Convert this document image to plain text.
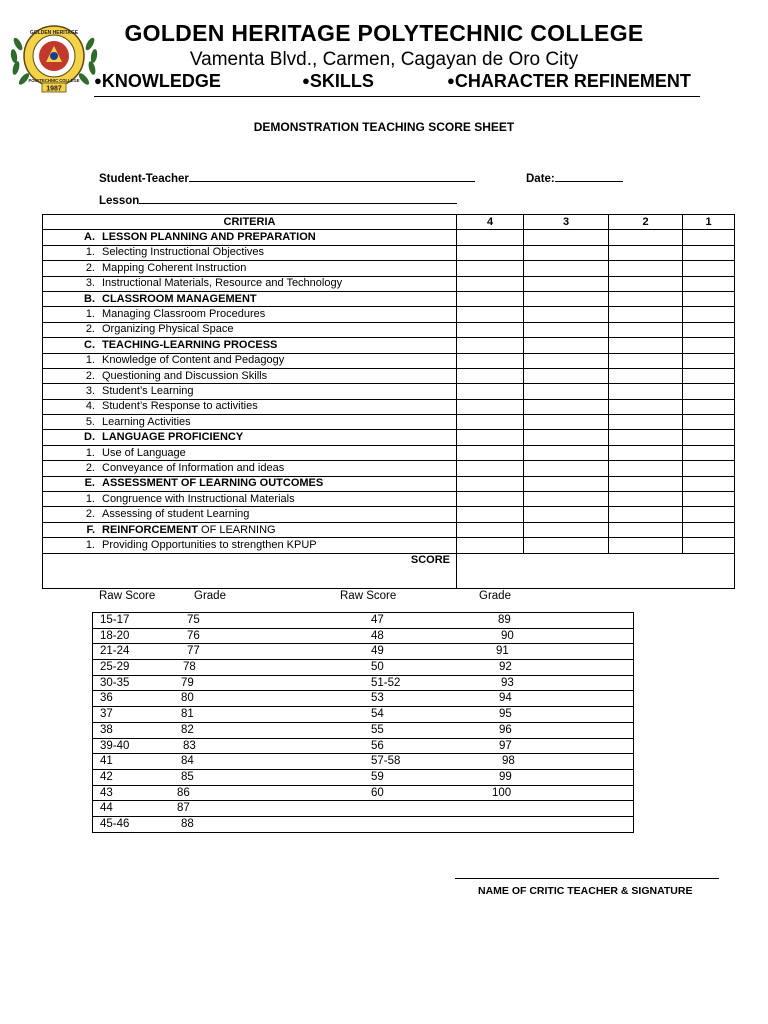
GOLDEN HERITAGE
POLYTECHNIC COLLEGE
1987
GOLDEN HERITAGE POLYTECHNIC COLLEGE
Vamenta Blvd., Carmen, Cagayan de Oro City
●KNOWLEDGE	●SKILLS	●CHARACTER REFINEMENT
DEMONSTRATION TEACHING SCORE SHEET
Student-Teacher	Date:
Lesson
CRITERIA	4	3	2	1
A. LESSON PLANNING AND PREPARATION				
1. Selecting Instructional Objectives				
2. Mapping Coherent Instruction				
3. Instructional Materials, Resource and Technology				
B. CLASSROOM MANAGEMENT				
1. Managing Classroom Procedures				
2. Organizing Physical Space				
C. TEACHING-LEARNING PROCESS				
1. Knowledge of Content and Pedagogy				
2. Questioning and Discussion Skills				
3. Student’s Learning				
4. Student’s Response to activities				
5. Learning Activities				
D.LANGUAGE PROFICIENCY				
1. Use of Language				
2. Conveyance of Information and ideas				
E. ASSESSMENT OF LEARNING OUTCOMES				
1. Congruence with Instructional Materials				
2. Assessing of student Learning				
F. REINFORCEMENT OF LEARNING				
1. Providing Opportunities to strengthen KPUP				
SCORE				
Raw Score	Grade	Raw Score	Grade
15-17	75	47	89

18-20	76	48	90

21-24	77	49	91

25-29	78	50	92

30-35	79	51-52	93

36	80	53	94

37	81	54	95

38	82	55	96

39-40	83	56	97

41	84	57-58	98

42	85	59	99

43	86	60	100

44	87

45-46	88
NAME OF CRITIC TEACHER & SIGNATURE
